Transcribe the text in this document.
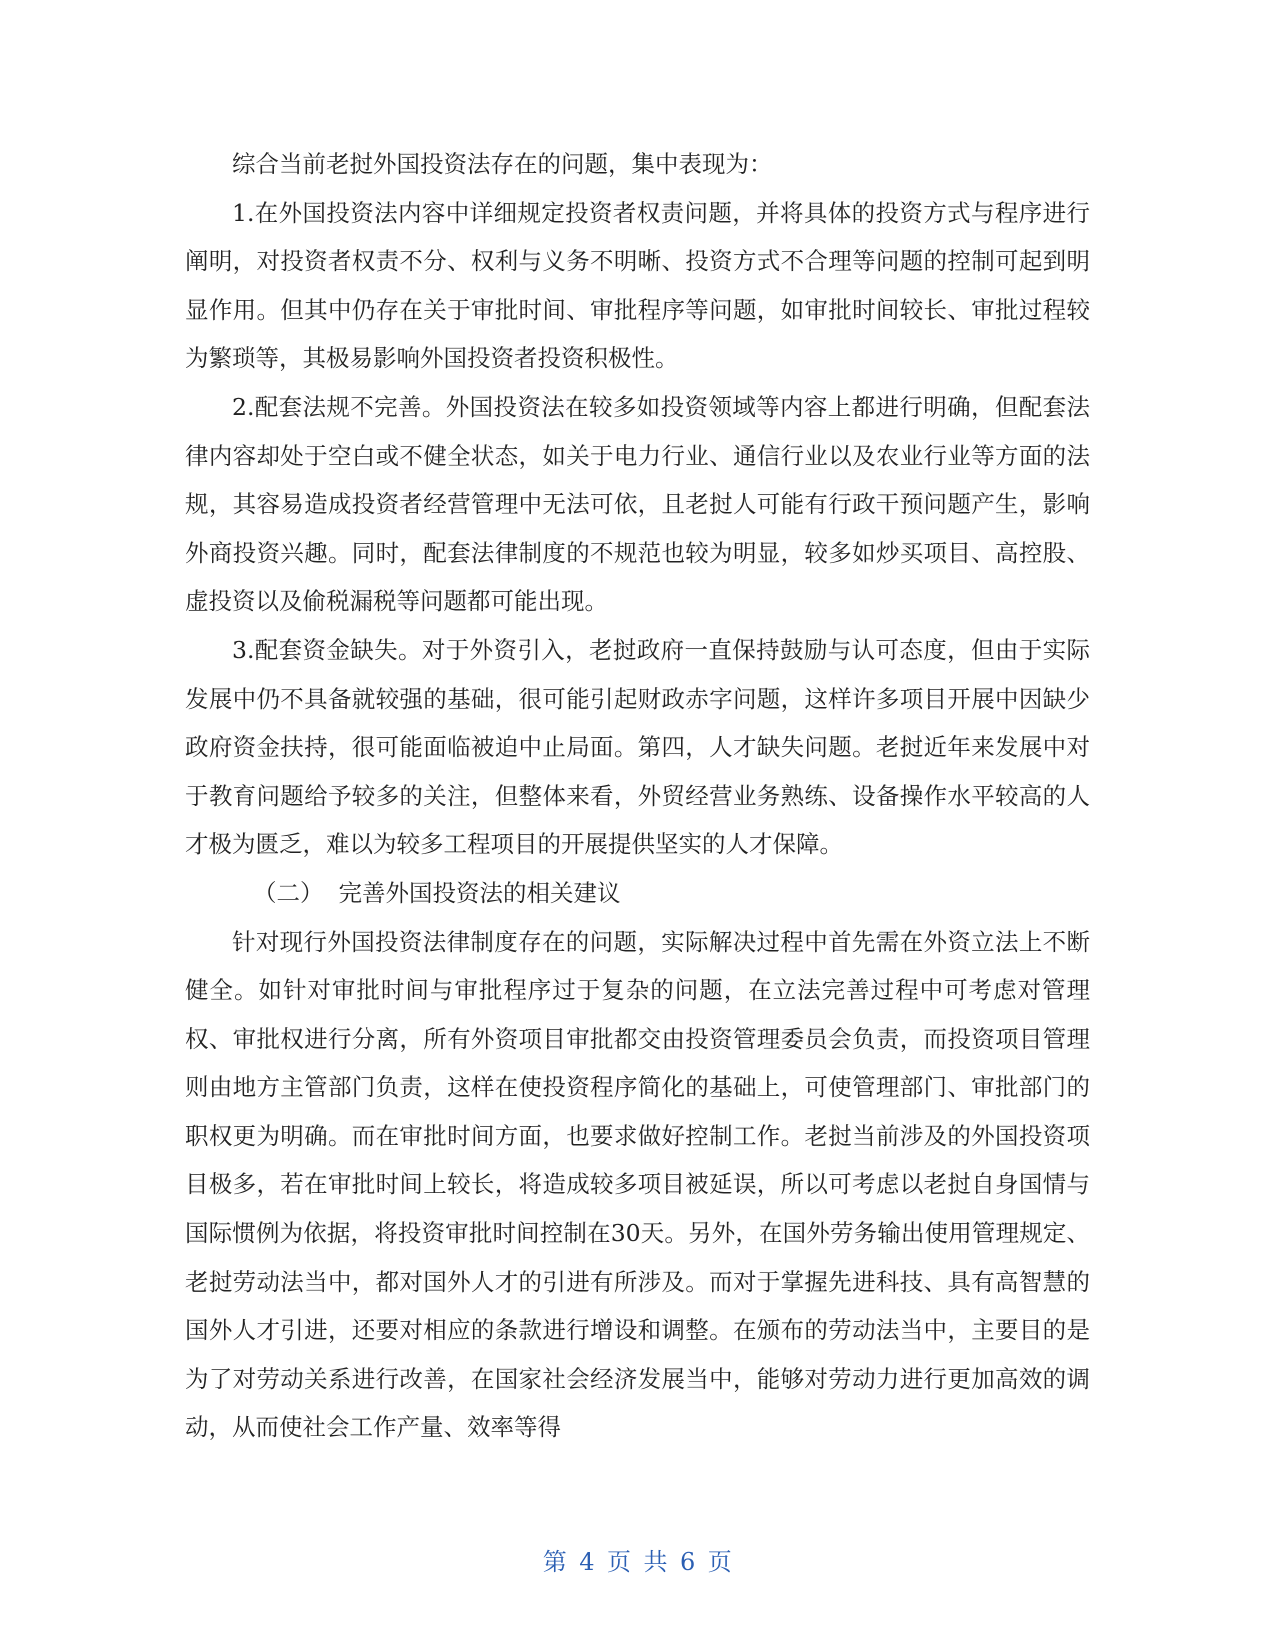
综合当前老挝外国投资法存在的问题，集中表现为：

1.在外国投资法内容中详细规定投资者权责问题，并将具体的投资方式与程序进行阐明，对投资者权责不分、权利与义务不明晰、投资方式不合理等问题的控制可起到明显作用。但其中仍存在关于审批时间、审批程序等问题，如审批时间较长、审批过程较为繁琐等，其极易影响外国投资者投资积极性。

2.配套法规不完善。外国投资法在较多如投资领域等内容上都进行明确，但配套法律内容却处于空白或不健全状态，如关于电力行业、通信行业以及农业行业等方面的法规，其容易造成投资者经营管理中无法可依，且老挝人可能有行政干预问题产生，影响外商投资兴趣。同时，配套法律制度的不规范也较为明显，较多如炒买项目、高控股、虚投资以及偷税漏税等问题都可能出现。

3.配套资金缺失。对于外资引入，老挝政府一直保持鼓励与认可态度，但由于实际发展中仍不具备就较强的基础，很可能引起财政赤字问题，这样许多项目开展中因缺少政府资金扶持，很可能面临被迫中止局面。第四，人才缺失问题。老挝近年来发展中对于教育问题给予较多的关注，但整体来看，外贸经营业务熟练、设备操作水平较高的人才极为匮乏，难以为较多工程项目的开展提供坚实的人才保障。

（二）  完善外国投资法的相关建议

针对现行外国投资法律制度存在的问题，实际解决过程中首先需在外资立法上不断健全。如针对审批时间与审批程序过于复杂的问题，在立法完善过程中可考虑对管理权、审批权进行分离，所有外资项目审批都交由投资管理委员会负责，而投资项目管理则由地方主管部门负责，这样在使投资程序简化的基础上，可使管理部门、审批部门的职权更为明确。而在审批时间方面，也要求做好控制工作。老挝当前涉及的外国投资项目极多，若在审批时间上较长，将造成较多项目被延误，所以可考虑以老挝自身国情与国际惯例为依据，将投资审批时间控制在30天。另外，在国外劳务输出使用管理规定、老挝劳动法当中，都对国外人才的引进有所涉及。而对于掌握先进科技、具有高智慧的国外人才引进，还要对相应的条款进行增设和调整。在颁布的劳动法当中，主要目的是为了对劳动关系进行改善，在国家社会经济发展当中，能够对劳动力进行更加高效的调动，从而使社会工作产量、效率等得

第 4 页 共 6 页
